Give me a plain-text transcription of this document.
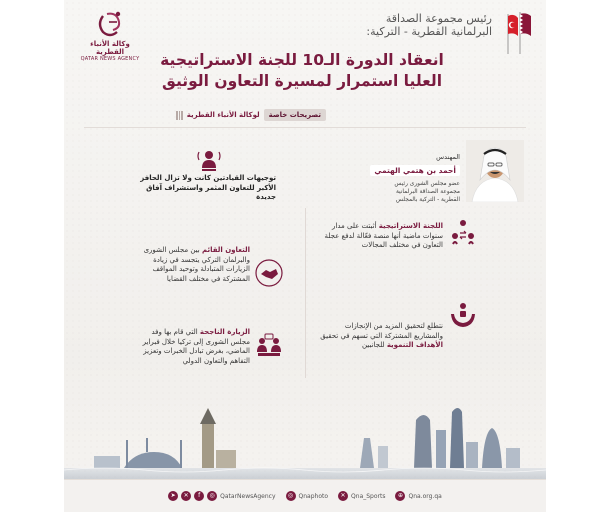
وكالة الأنباء القطرية
QATAR NEWS AGENCY
رئيس مجموعة الصداقة
البرلمانية القطرية - التركية:
انعقاد الدورة الـ10 للجنة الاستراتيجية
العليا استمرار لمسيرة التعاون الوثيق
تصريحات خاصة
لوكالة الأنباء القطرية
المهندس
أحمد بن هتمي الهتمي
عضو مجلس الشورى رئيس مجموعة الصداقة البرلمانية القطرية - التركية بالمجلس
توجيهات القيادتين كانت ولا تزال الحافز الأكبر للتعاون المثمر واستشراف آفاق جديدة
اللجنة الاستراتيجية أثبتت على مدار سنوات ماضية أنها منصة فعّالة لدفع عجلة التعاون في مختلف المجالات
التعاون القائم بين مجلس الشورى والبرلمان التركي يتجسد في زيادة الزيارات المتبادلة وتوحيد المواقف المشتركة في مختلف القضايا
نتطلع لتحقيق المزيد من الإنجازات والمشاريع المشتركة التي تسهم في تحقيق الأهداف التنموية للجانبين
الزيارة الناجحة التي قام بها وفد مجلس الشورى إلى تركيا خلال فبراير الماضي، بغرض تبادل الخبرات وتعزيز التفاهم والتعاون الدولي
➤	✕	f	◎ QatarNewsAgency	◎ Qnaphoto	✕ Qna_Sports	⊕ Qna.org.qa
